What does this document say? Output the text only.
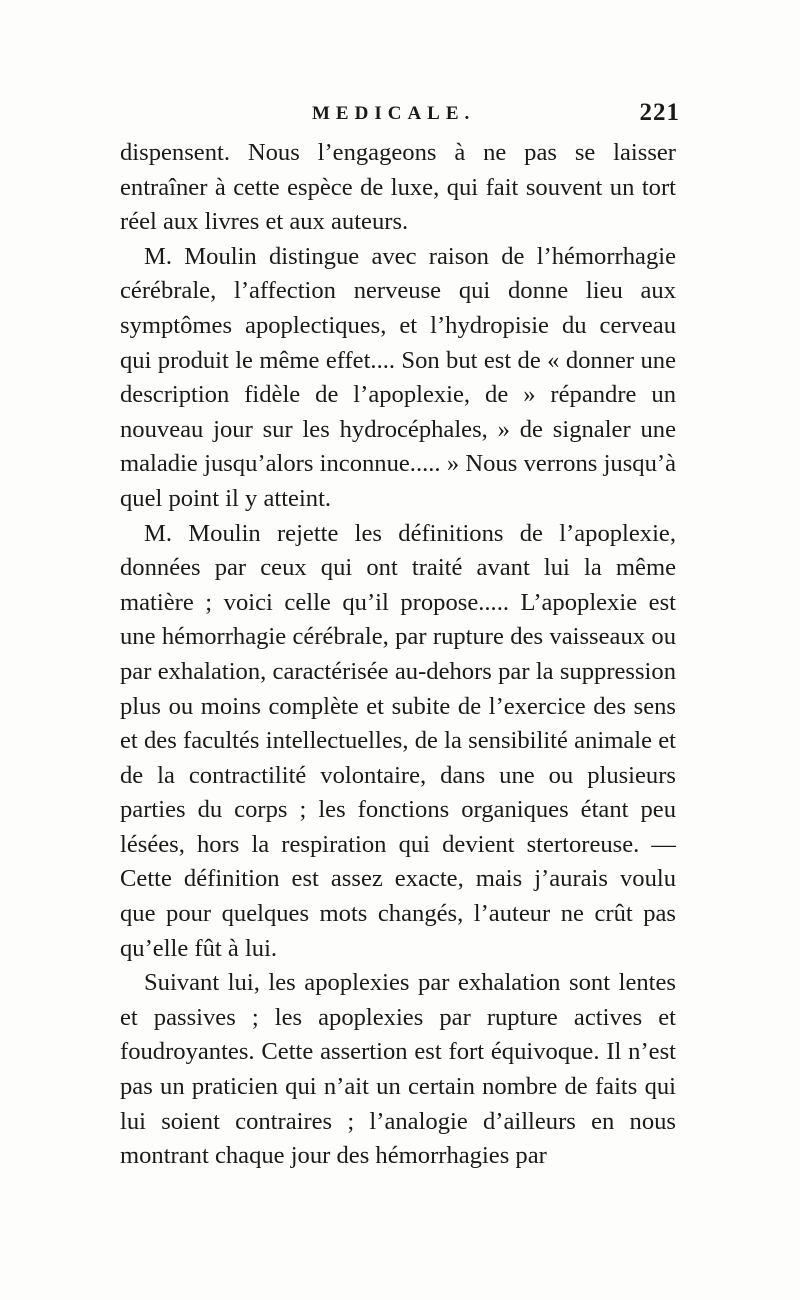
MEDICALE.	221

dispensent. Nous l’engageons à ne pas se laisser entraîner à cette espèce de luxe, qui fait souvent un tort réel aux livres et aux auteurs.

M. Moulin distingue avec raison de l’hémorrhagie cérébrale, l’affection nerveuse qui donne lieu aux symptômes apoplectiques, et l’hydropisie du cerveau qui produit le même effet.... Son but est de « donner une description fidèle de l’apoplexie, de » répandre un nouveau jour sur les hydrocéphales, » de signaler une maladie jusqu’alors inconnue..... » Nous verrons jusqu’à quel point il y atteint.

M. Moulin rejette les définitions de l’apoplexie, données par ceux qui ont traité avant lui la même matière ; voici celle qu’il propose..... L’apoplexie est une hémorrhagie cérébrale, par rupture des vaisseaux ou par exhalation, caractérisée au-dehors par la suppression plus ou moins complète et subite de l’exercice des sens et des facultés intellectuelles, de la sensibilité animale et de la contractilité volontaire, dans une ou plusieurs parties du corps ; les fonctions organiques étant peu lésées, hors la respiration qui devient stertoreuse. — Cette définition est assez exacte, mais j’aurais voulu que pour quelques mots changés, l’auteur ne crût pas qu’elle fût à lui.

Suivant lui, les apoplexies par exhalation sont lentes et passives ; les apoplexies par rupture actives et foudroyantes. Cette assertion est fort équivoque. Il n’est pas un praticien qui n’ait un certain nombre de faits qui lui soient contraires ; l’analogie d’ailleurs en nous montrant chaque jour des hémorrhagies par
